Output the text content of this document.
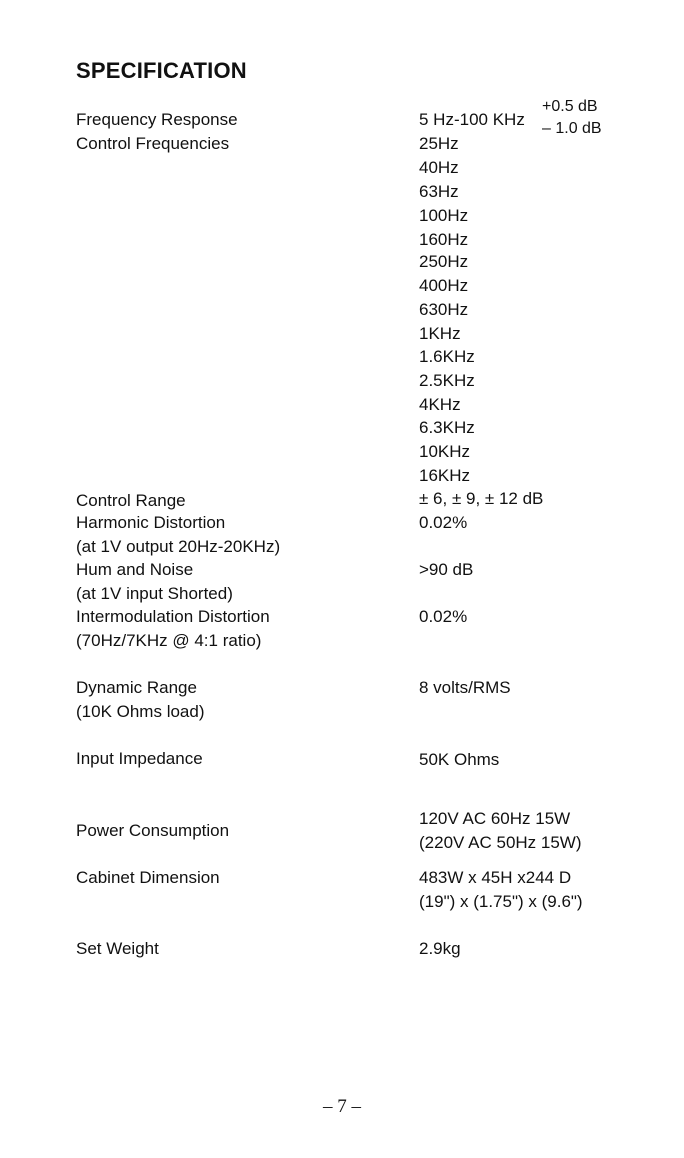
SPECIFICATION
Frequency Response	5 Hz-100 KHz
+0.5 dB
– 1.0 dB
Control Frequencies	25Hz
40Hz
63Hz
100Hz
160Hz
250Hz
400Hz
630Hz
1KHz
1.6KHz
2.5KHz
4KHz
6.3KHz
10KHz
16KHz
Control Range	± 6, ± 9, ± 12 dB
Harmonic Distortion	0.02%
(at 1V output 20Hz-20KHz)
Hum and Noise	>90 dB
(at 1V input Shorted)
Intermodulation Distortion	0.02%
(70Hz/7KHz @ 4:1 ratio)
Dynamic Range	8 volts/RMS
(10K Ohms load)
Input Impedance	50K Ohms
Power Consumption
120V AC 60Hz 15W
(220V AC 50Hz 15W)
Cabinet Dimension	483W x 45H x244 D
(19") x (1.75") x (9.6")
Set Weight	2.9kg
– 7 –
